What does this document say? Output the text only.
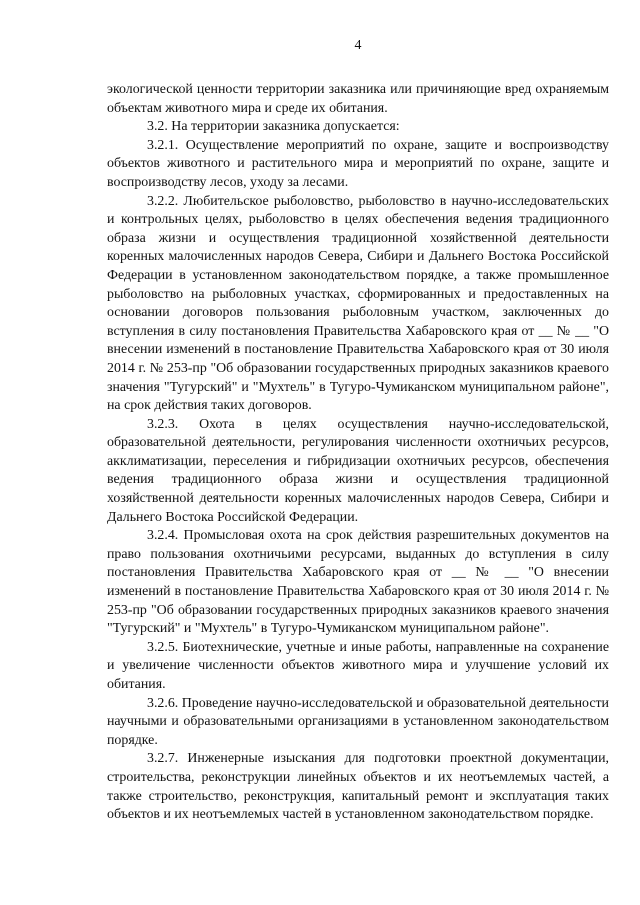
4

экологической ценности территории заказника или причиняющие вред охраняемым объектам животного мира и среде их обитания.

3.2. На территории заказника допускается:

3.2.1. Осуществление мероприятий по охране, защите и воспроизводству объектов животного и растительного мира и мероприятий по охране, защите и воспроизводству лесов, уходу за лесами.

3.2.2. Любительское рыболовство, рыболовство в научно-исследовательских и контрольных целях, рыболовство в целях обеспечения ведения традиционного образа жизни и осуществления традиционной хозяйственной деятельности коренных малочисленных народов Севера, Сибири и Дальнего Востока Российской Федерации в установленном законодательством порядке, а также промышленное рыболовство на рыболовных участках, сформированных и предоставленных на основании договоров пользования рыболовным участком, заключенных до вступления в силу постановления Правительства Хабаровского края от __ № __ "О внесении изменений в постановление Правительства Хабаровского края от 30 июля 2014 г. № 253-пр "Об образовании государственных природных заказников краевого значения "Тугурский" и "Мухтель" в Тугуро-Чумиканском муниципальном районе", на срок действия таких договоров.

3.2.3. Охота в целях осуществления научно-исследовательской, образовательной деятельности, регулирования численности охотничьих ресурсов, акклиматизации, переселения и гибридизации охотничьих ресурсов, обеспечения ведения традиционного образа жизни и осуществления традиционной хозяйственной деятельности коренных малочисленных народов Севера, Сибири и Дальнего Востока Российской Федерации.

3.2.4. Промысловая охота на срок действия разрешительных документов на право пользования охотничьими ресурсами, выданных до вступления в силу постановления Правительства Хабаровского края от __ № __ "О внесении изменений в постановление Правительства Хабаровского края от 30 июля 2014 г. № 253-пр "Об образовании государственных природных заказников краевого значения "Тугурский" и "Мухтель" в Тугуро-Чумиканском муниципальном районе".

3.2.5. Биотехнические, учетные и иные работы, направленные на сохранение и увеличение численности объектов животного мира и улучшение условий их обитания.

3.2.6. Проведение научно-исследовательской и образовательной деятельности научными и образовательными организациями в установленном законодательством порядке.

3.2.7. Инженерные изыскания для подготовки проектной документации, строительства, реконструкции линейных объектов и их неотъемлемых частей, а также строительство, реконструкция, капитальный ремонт и эксплуатация таких объектов и их неотъемлемых частей в установленном законодательством порядке.
